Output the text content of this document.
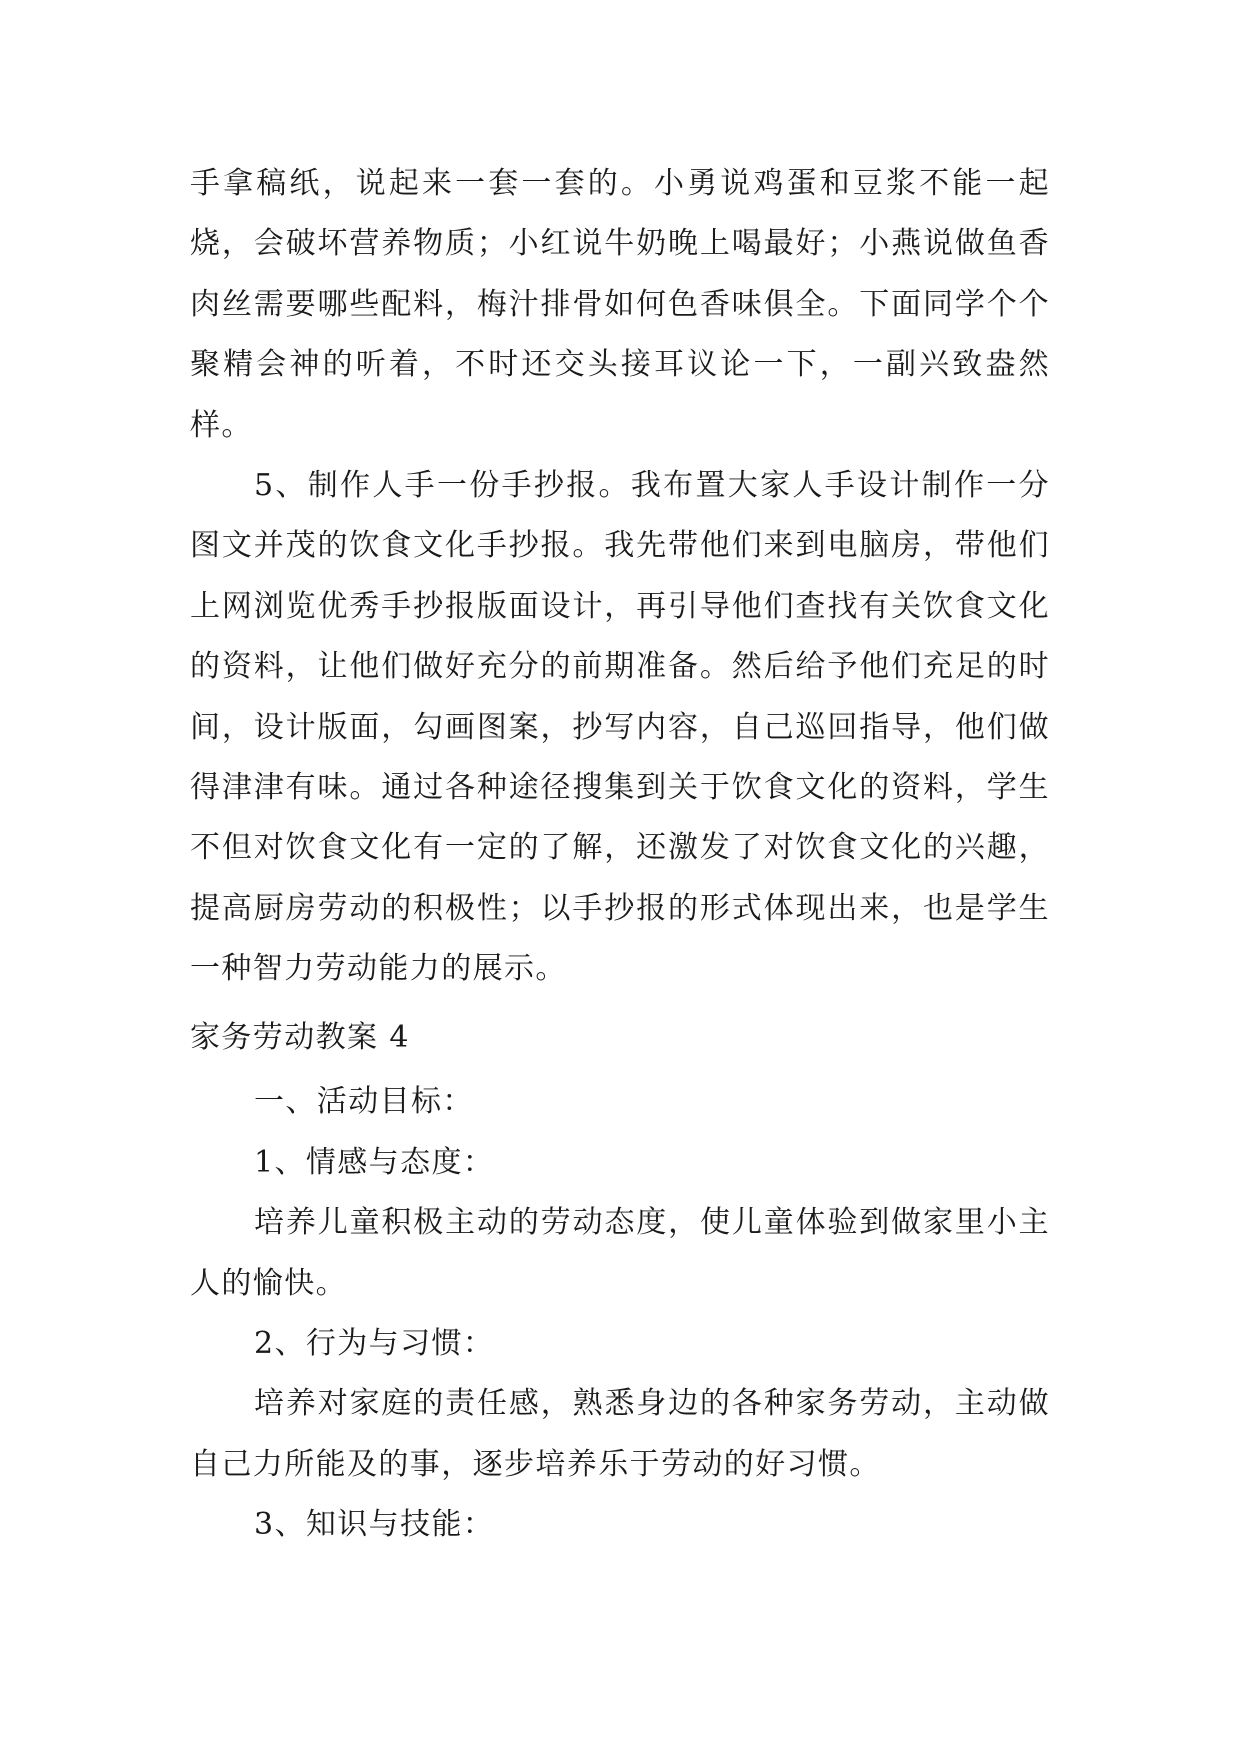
手拿稿纸，说起来一套一套的。小勇说鸡蛋和豆浆不能一起烧，会破坏营养物质；小红说牛奶晚上喝最好；小燕说做鱼香肉丝需要哪些配料，梅汁排骨如何色香味俱全。下面同学个个聚精会神的听着，不时还交头接耳议论一下，一副兴致盎然样。

5、制作人手一份手抄报。我布置大家人手设计制作一分图文并茂的饮食文化手抄报。我先带他们来到电脑房，带他们上网浏览优秀手抄报版面设计，再引导他们查找有关饮食文化的资料，让他们做好充分的前期准备。然后给予他们充足的时间，设计版面，勾画图案，抄写内容，自己巡回指导，他们做得津津有味。通过各种途径搜集到关于饮食文化的资料，学生不但对饮食文化有一定的了解，还激发了对饮食文化的兴趣，提高厨房劳动的积极性；以手抄报的形式体现出来，也是学生一种智力劳动能力的展示。

家务劳动教案 4

一、活动目标：

1、情感与态度：

培养儿童积极主动的劳动态度，使儿童体验到做家里小主人的愉快。

2、行为与习惯：

培养对家庭的责任感，熟悉身边的各种家务劳动，主动做自己力所能及的事，逐步培养乐于劳动的好习惯。

3、知识与技能：
